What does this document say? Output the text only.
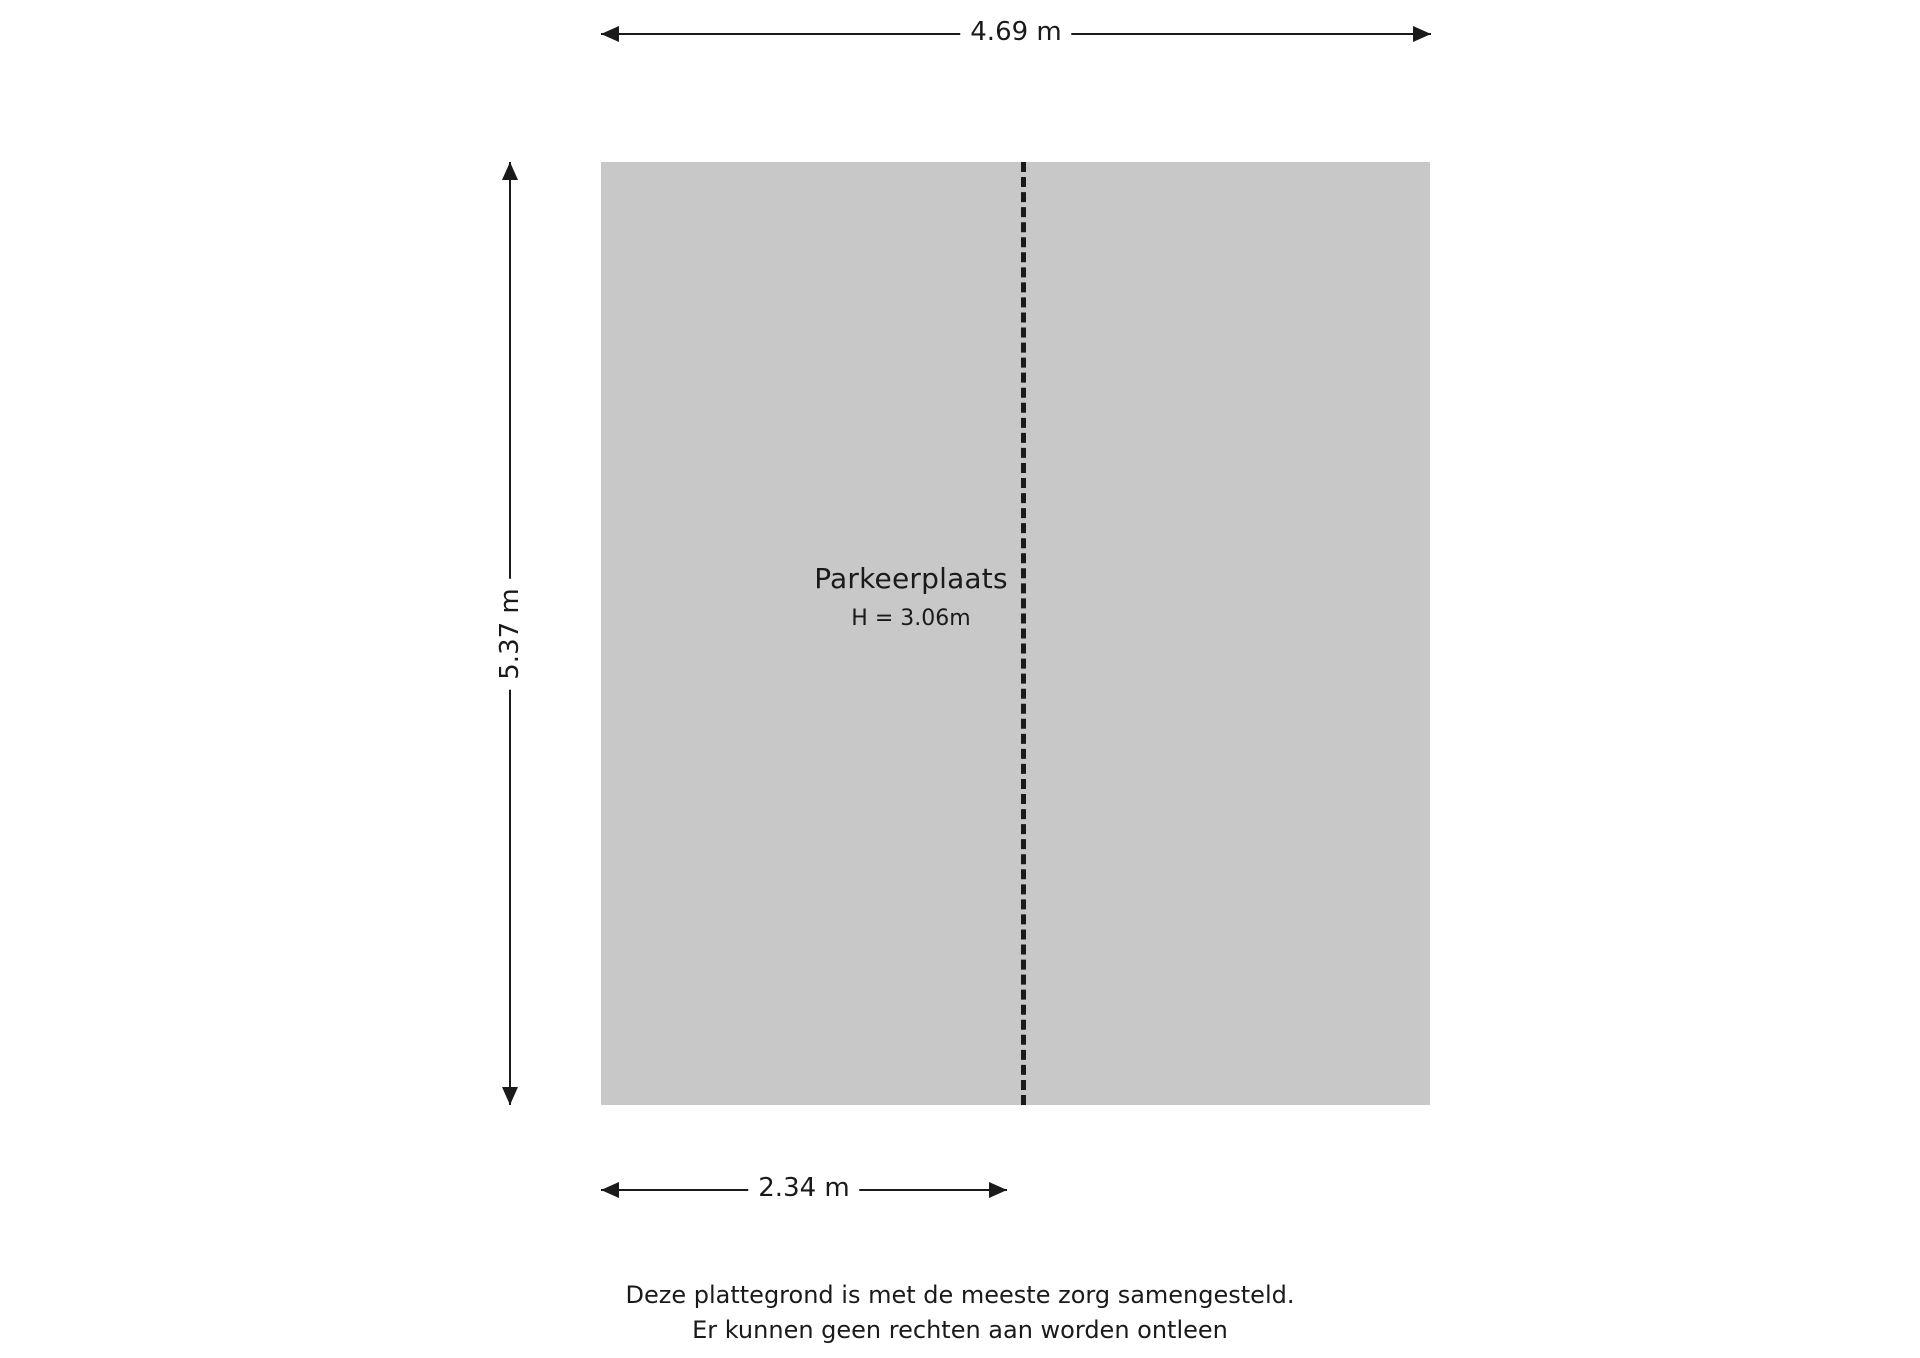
4.69 m
5.37 m
Parkeerplaats
H = 3.06m
2.34 m
Deze plattegrond is met de meeste zorg samengesteld.
Er kunnen geen rechten aan worden ontleen
